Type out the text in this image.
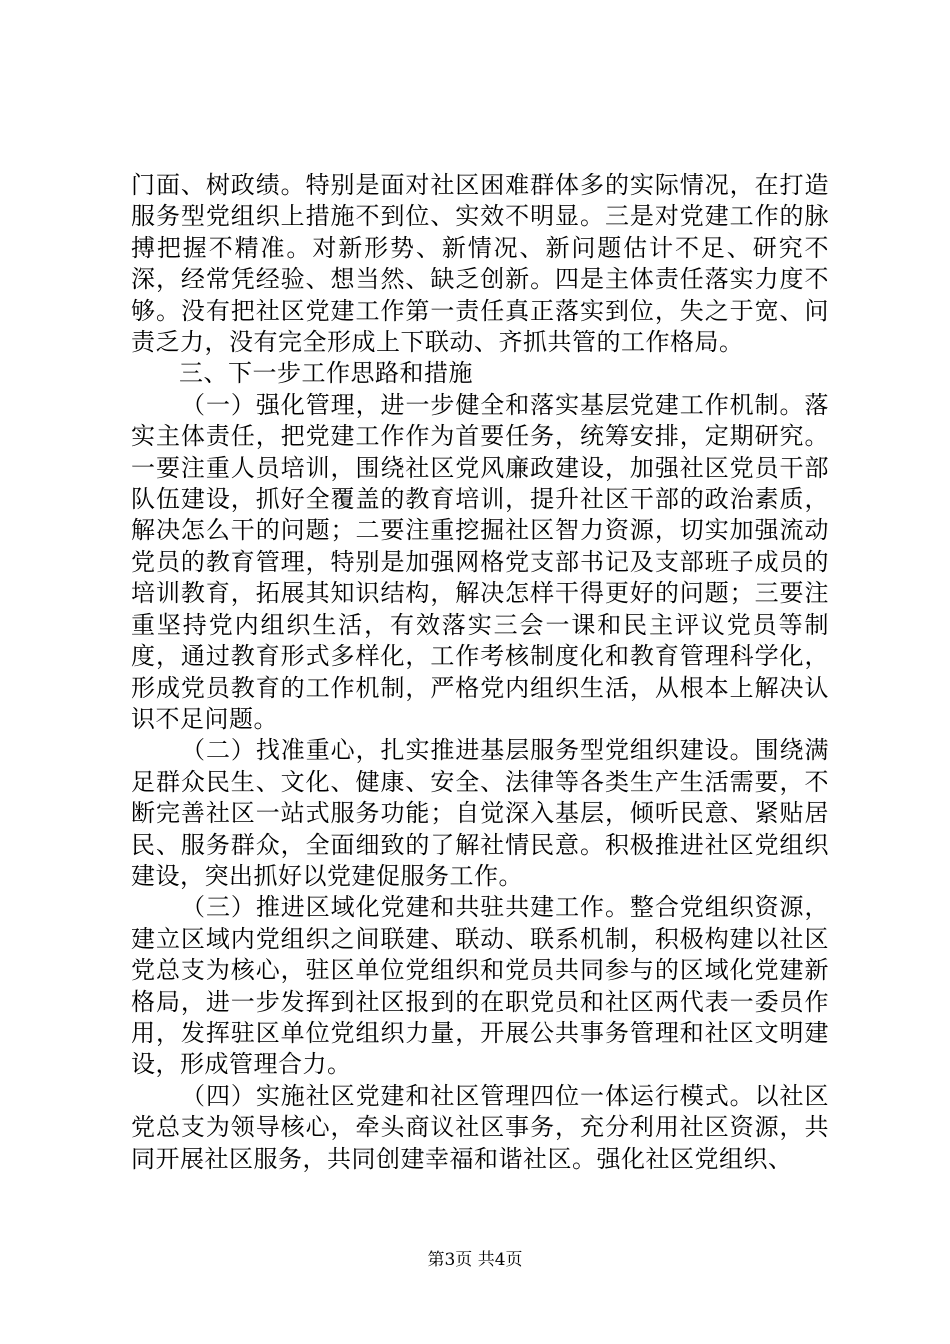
门面、树政绩。特别是面对社区困难群体多的实际情况，在打造服务型党组织上措施不到位、实效不明显。三是对党建工作的脉搏把握不精准。对新形势、新情况、新问题估计不足、研究不深，经常凭经验、想当然、缺乏创新。四是主体责任落实力度不够。没有把社区党建工作第一责任真正落实到位，失之于宽、问责乏力，没有完全形成上下联动、齐抓共管的工作格局。

三、下一步工作思路和措施

（一）强化管理，进一步健全和落实基层党建工作机制。落实主体责任，把党建工作作为首要任务，统筹安排，定期研究。一要注重人员培训，围绕社区党风廉政建设，加强社区党员干部队伍建设，抓好全覆盖的教育培训，提升社区干部的政治素质，解决怎么干的问题；二要注重挖掘社区智力资源，切实加强流动党员的教育管理，特别是加强网格党支部书记及支部班子成员的培训教育，拓展其知识结构，解决怎样干得更好的问题；三要注重坚持党内组织生活，有效落实三会一课和民主评议党员等制度，通过教育形式多样化，工作考核制度化和教育管理科学化，形成党员教育的工作机制，严格党内组织生活，从根本上解决认识不足问题。

（二）找准重心，扎实推进基层服务型党组织建设。围绕满足群众民生、文化、健康、安全、法律等各类生产生活需要，不断完善社区一站式服务功能；自觉深入基层，倾听民意、紧贴居民、服务群众，全面细致的了解社情民意。积极推进社区党组织建设，突出抓好以党建促服务工作。

（三）推进区域化党建和共驻共建工作。整合党组织资源，建立区域内党组织之间联建、联动、联系机制，积极构建以社区党总支为核心，驻区单位党组织和党员共同参与的区域化党建新格局，进一步发挥到社区报到的在职党员和社区两代表一委员作用，发挥驻区单位党组织力量，开展公共事务管理和社区文明建设，形成管理合力。

（四）实施社区党建和社区管理四位一体运行模式。以社区党总支为领导核心，牵头商议社区事务，充分利用社区资源，共同开展社区服务，共同创建幸福和谐社区。强化社区党组织、

第3页 共4页
